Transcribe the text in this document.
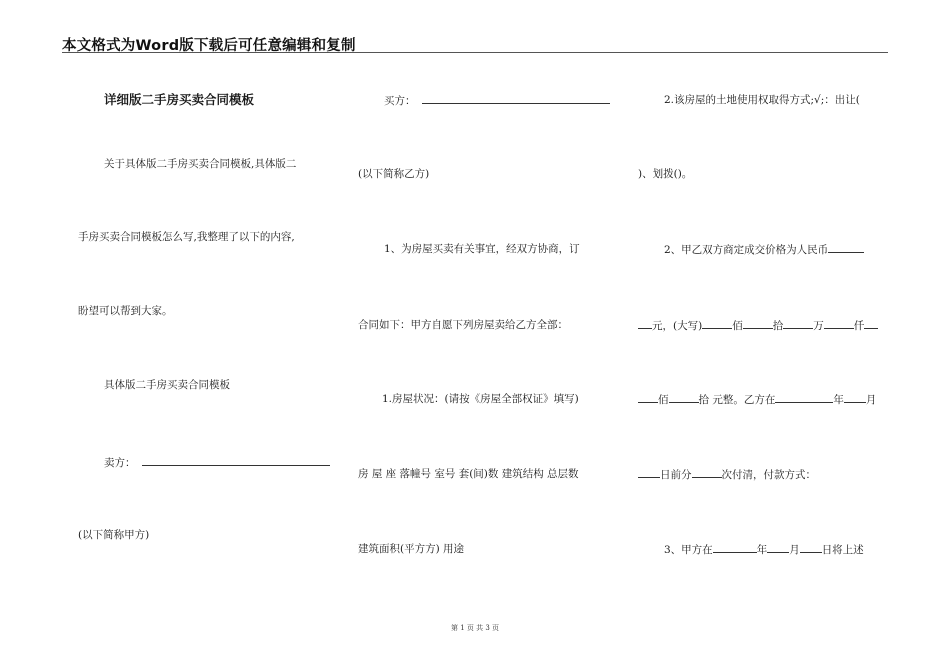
本文格式为Word版下载后可任意编辑和复制
详细版二手房买卖合同模板
关于具体版二手房买卖合同模板,具体版二
手房买卖合同模板怎么写,我整理了以下的内容,
盼望可以帮到大家。
具体版二手房买卖合同模板
卖方：
(以下简称甲方)
买方：
(以下简称乙方)
1、为房屋买卖有关事宜，经双方协商，订
合同如下：甲方自愿下列房屋卖给乙方全部：
1.房屋状况：(请按《房屋全部权证》填写)
房 屋 座 落幢号 室号 套(间)数 建筑结构 总层数
建筑面积(平方方) 用途
2.该房屋的土地使用权取得方式;√;：出让(
)、划拨()。
2、甲乙双方商定成交价格为人民币
元，(大写)	佰	拾	万	仟
佰	拾 元整。乙方在	年 月
日前分	次付清，付款方式：
3、甲方在	年 月 日将上述
第 1 页 共 3 页
